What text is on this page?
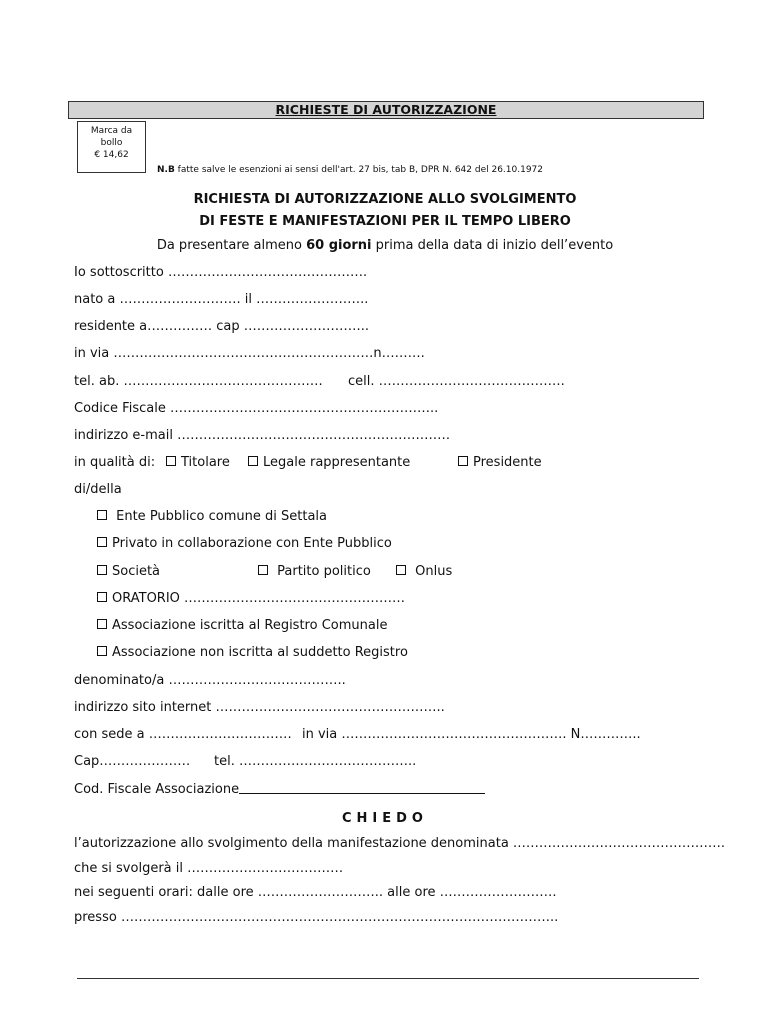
RICHIESTE DI AUTORIZZAZIONE
Marca da
bollo
€ 14,62
N.B fatte salve le esenzioni ai sensi dell'art. 27 bis, tab B, DPR N. 642 del 26.10.1972
RICHIESTA DI AUTORIZZAZIONE ALLO SVOLGIMENTO
DI FESTE E MANIFESTAZIONI PER IL TEMPO LIBERO
Da presentare almeno 60 giorni prima della data di inizio dell’evento
Io sottoscritto ……………………………………….
nato a ………………………. il ……………………..
residente a…………… cap ………………………..
in via ……………………………………………………n……….
tel. ab. ………………………………………. cell. …………………………………….
Codice Fiscale ……………………………………………………..
indirizzo e-mail ………………………………………………………
in qualità di:	Titolare	Legale rappresentante	Presidente
di/della
Ente Pubblico comune di Settala
Privato in collaborazione con Ente Pubblico
Società	Partito politico	Onlus
ORATORIO ……………………………………………
Associazione iscritta al Registro Comunale
Associazione non iscritta al suddetto Registro
denominato/a …………………………………..
indirizzo sito internet ……………………………………………..
con sede a …………………………… in via ……………………………………………. N…………..
Cap………………… tel. …………………………………..
Cod. Fiscale Associazione
CHIEDO
l’autorizzazione allo svolgimento della manifestazione denominata ………………………………………….
che si svolgerà il ………………………………
nei seguenti orari: dalle ore ……………………….. alle ore ………………………
presso ………………………………………………………………………………………..
